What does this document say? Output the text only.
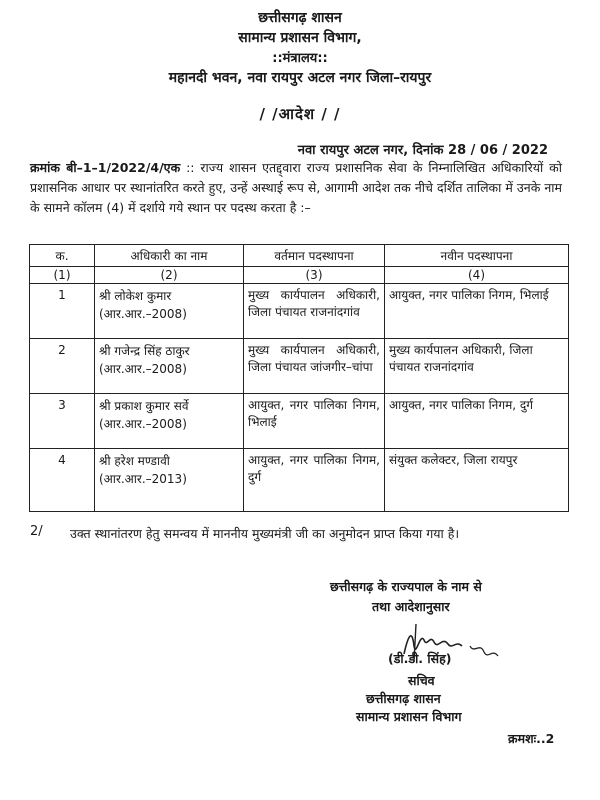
छत्तीसगढ़ शासन
सामान्य प्रशासन विभाग,
::मंत्रालय::
महानदी भवन, नवा रायपुर अटल नगर जिला–रायपुर
/ /आदेश / /
नवा रायपुर अटल नगर, दिनांक 28 / 06 / 2022
क्रमांक बी–1–1/2022/4/एक :: राज्य शासन एतद्द्वारा राज्य प्रशासनिक सेवा के निम्नालिखित अधिकारियों को प्रशासनिक आधार पर स्थानांतरित करते हुए, उन्हें अस्थाई रूप से, आगामी आदेश तक नीचे दर्शित तालिका में उनके नाम के सामने कॉलम (4) में दर्शाये गये स्थान पर पदस्थ करता है :–
क.	अधिकारी का नाम	वर्तमान पदस्थापना	नवीन पदस्थापना
(1)	(2)	(3)	(4)
1	श्री लोकेश कुमार
(आर.आर.–2008)	मुख्य कार्यपालन अधिकारी, जिला पंचायत राजनांदगांव	आयुक्त, नगर पालिका निगम, भिलाई
2	श्री गजेन्द्र सिंह ठाकुर
(आर.आर.–2008)	मुख्य कार्यपालन अधिकारी, जिला पंचायत जांजगीर–चांपा	मुख्य कार्यपालन अधिकारी, जिला पंचायत राजनांदगांव
3	श्री प्रकाश कुमार सर्वे
(आर.आर.–2008)	आयुक्त, नगर पालिका निगम, भिलाई	आयुक्त, नगर पालिका निगम, दुर्ग
4	श्री हरेश मण्डावी
(आर.आर.–2013)	आयुक्त, नगर पालिका निगम, दुर्ग	संयुक्त कलेक्टर, जिला रायपुर
2/ उक्त स्थानांतरण हेतु समन्वय में माननीय मुख्यमंत्री जी का अनुमोदन प्राप्त किया गया है।
छत्तीसगढ़ के राज्यपाल के नाम से
तथा आदेशानुसार
(डी.डी. सिंह)
सचिव
छत्तीसगढ़ शासन
सामान्य प्रशासन विभाग
क्रमशः..2
